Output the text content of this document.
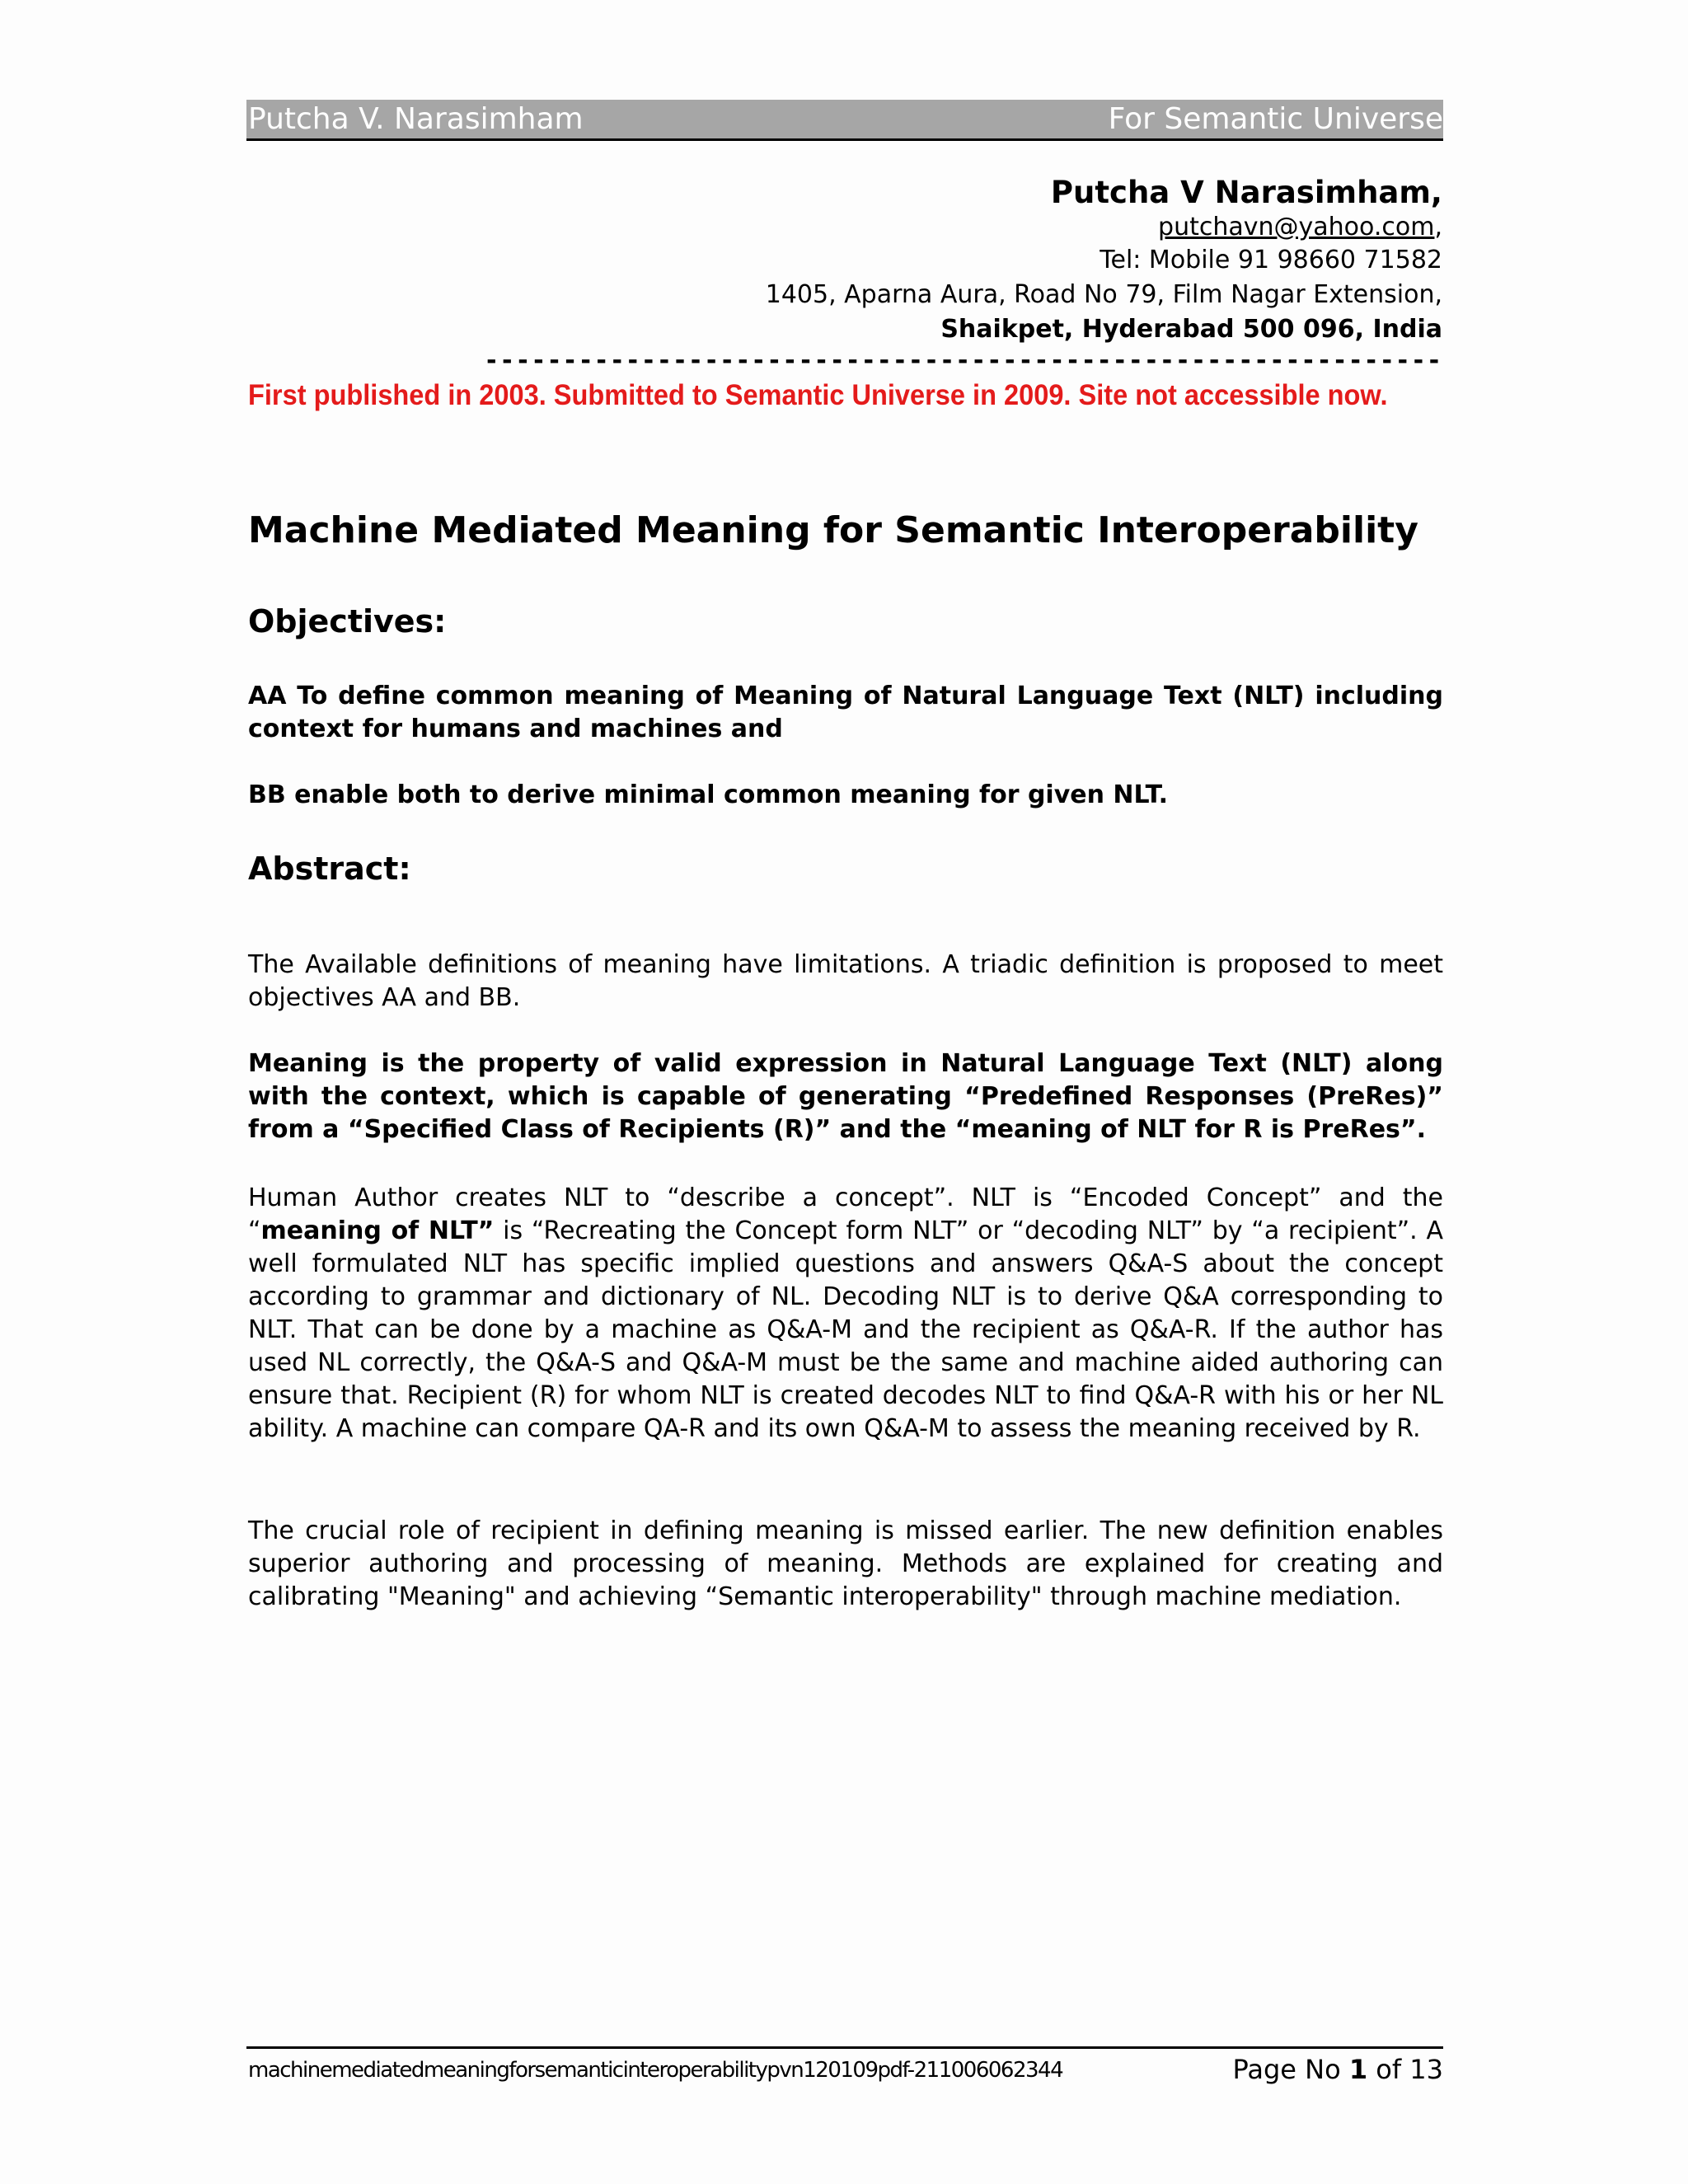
Putcha V. Narasimham	For Semantic Universe
Putcha V Narasimham,
putchavn@yahoo.com,
Tel: Mobile 91 98660 71582
1405, Aparna Aura, Road No 79, Film Nagar Extension,
Shaikpet, Hyderabad 500 096, India
-------------------------------------------------------------
First published in 2003. Submitted to Semantic Universe in 2009. Site not accessible now.
Machine Mediated Meaning for Semantic Interoperability
Objectives:
AA To define common meaning of Meaning of Natural Language Text (NLT) including context for humans and machines and
BB enable both to derive minimal common meaning for given NLT.
Abstract:
The Available definitions of meaning have limitations. A triadic definition is proposed to meet objectives AA and BB.
Meaning is the property of valid expression in Natural Language Text (NLT) along with the context, which is capable of generating “Predefined Responses (PreRes)” from a “Specified Class of Recipients (R)” and the “meaning of NLT for R is PreRes”.
Human Author creates NLT to “describe a concept”. NLT is “Encoded Concept” and the “meaning of NLT” is “Recreating the Concept form NLT” or “decoding NLT” by “a recipient”. A well formulated NLT has specific implied questions and answers Q&A-S about the concept according to grammar and dictionary of NL. Decoding NLT is to derive Q&A corresponding to NLT. That can be done by a machine as Q&A-M and the recipient as Q&A-R. If the author has used NL correctly, the Q&A-S and Q&A-M must be the same and machine aided authoring can ensure that. Recipient (R) for whom NLT is created decodes NLT to find Q&A-R with his or her NL ability. A machine can compare QA-R and its own Q&A-M to assess the meaning received by R.
The crucial role of recipient in defining meaning is missed earlier. The new definition enables superior authoring and processing of meaning. Methods are explained for creating and calibrating "Meaning" and achieving “Semantic interoperability" through machine mediation.
machinemediatedmeaningforsemanticinteroperabilitypvn120109pdf-211006062344	Page No 1 of 13
